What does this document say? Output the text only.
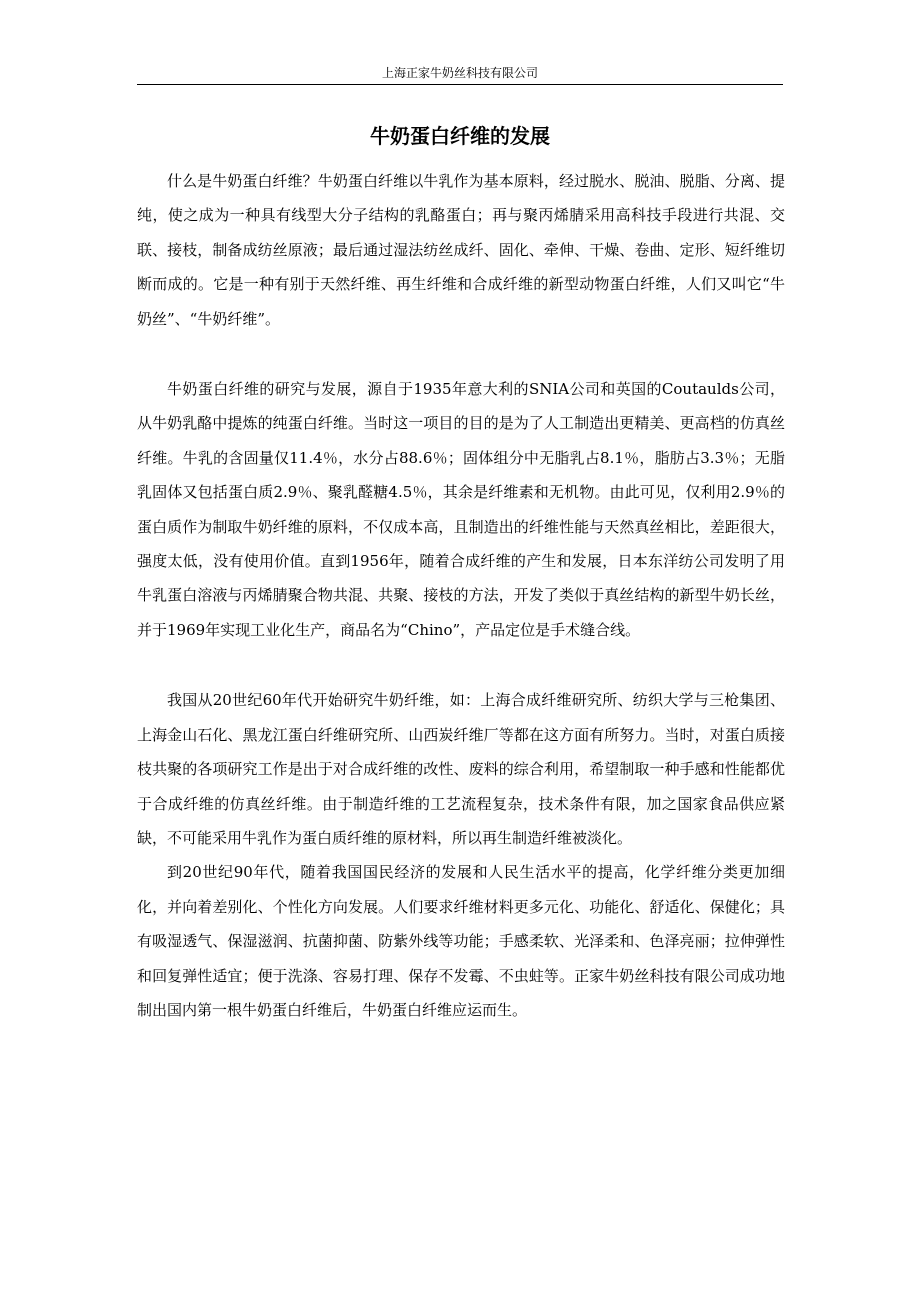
上海正家牛奶丝科技有限公司
牛奶蛋白纤维的发展

什么是牛奶蛋白纤维？牛奶蛋白纤维以牛乳作为基本原料，经过脱水、脱油、脱脂、分离、提纯，使之成为一种具有线型大分子结构的乳酪蛋白；再与聚丙烯腈采用高科技手段进行共混、交联、接枝，制备成纺丝原液；最后通过湿法纺丝成纤、固化、牵伸、干燥、卷曲、定形、短纤维切断而成的。它是一种有别于天然纤维、再生纤维和合成纤维的新型动物蛋白纤维，人们又叫它“牛奶丝”、“牛奶纤维”。

牛奶蛋白纤维的研究与发展，源自于1935年意大利的SNIA公司和英国的Coutaulds公司，从牛奶乳酪中提炼的纯蛋白纤维。当时这一项目的目的是为了人工制造出更精美、更高档的仿真丝纤维。牛乳的含固量仅11.4％，水分占88.6％；固体组分中无脂乳占8.1％，脂肪占3.3％；无脂乳固体又包括蛋白质2.9％、聚乳醛糖4.5％，其余是纤维素和无机物。由此可见，仅利用2.9％的蛋白质作为制取牛奶纤维的原料，不仅成本高，且制造出的纤维性能与天然真丝相比，差距很大，强度太低，没有使用价值。直到1956年，随着合成纤维的产生和发展，日本东洋纺公司发明了用牛乳蛋白溶液与丙烯腈聚合物共混、共聚、接枝的方法，开发了类似于真丝结构的新型牛奶长丝，并于1969年实现工业化生产，商品名为“Chino”，产品定位是手术缝合线。

我国从20世纪60年代开始研究牛奶纤维，如：上海合成纤维研究所、纺织大学与三枪集团、上海金山石化、黑龙江蛋白纤维研究所、山西炭纤维厂等都在这方面有所努力。当时，对蛋白质接枝共聚的各项研究工作是出于对合成纤维的改性、废料的综合利用，希望制取一种手感和性能都优于合成纤维的仿真丝纤维。由于制造纤维的工艺流程复杂，技术条件有限，加之国家食品供应紧缺，不可能采用牛乳作为蛋白质纤维的原材料，所以再生制造纤维被淡化。

到20世纪90年代，随着我国国民经济的发展和人民生活水平的提高，化学纤维分类更加细化，并向着差别化、个性化方向发展。人们要求纤维材料更多元化、功能化、舒适化、保健化；具有吸湿透气、保湿滋润、抗菌抑菌、防紫外线等功能；手感柔软、光泽柔和、色泽亮丽；拉伸弹性和回复弹性适宜；便于洗涤、容易打理、保存不发霉、不虫蛀等。正家牛奶丝科技有限公司成功地制出国内第一根牛奶蛋白纤维后，牛奶蛋白纤维应运而生。
